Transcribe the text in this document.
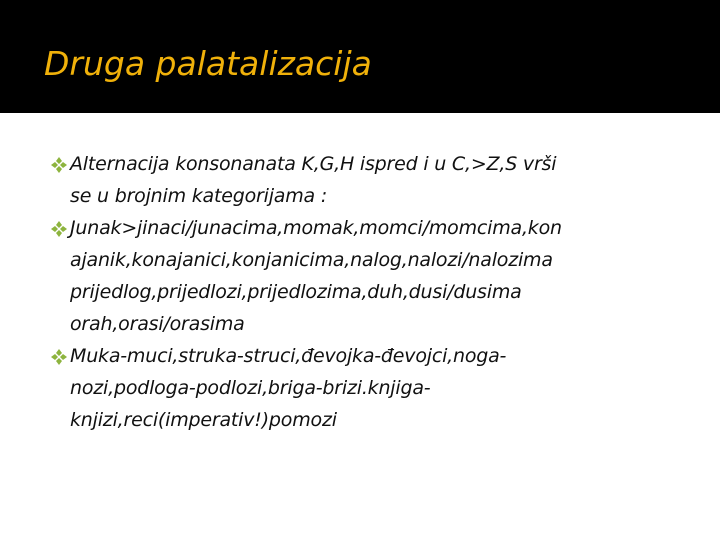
Druga palatalizacija
Alternacija konsonanata K,G,H ispred i u C,>Z,S vrši
se u brojnim kategorijama :
Junak>jinaci/junacima,momak,momci/momcima,kon
ajanik,konajanici,konjanicima,nalog,nalozi/nalozima
prijedlog,prijedlozi,prijedlozima,duh,dusi/dusima
orah,orasi/orasima
Muka-muci,struka-struci,đevojka-đevojci,noga-
nozi,podloga-podlozi,briga-brizi.knjiga-
knjizi,reci(imperativ!)pomozi
